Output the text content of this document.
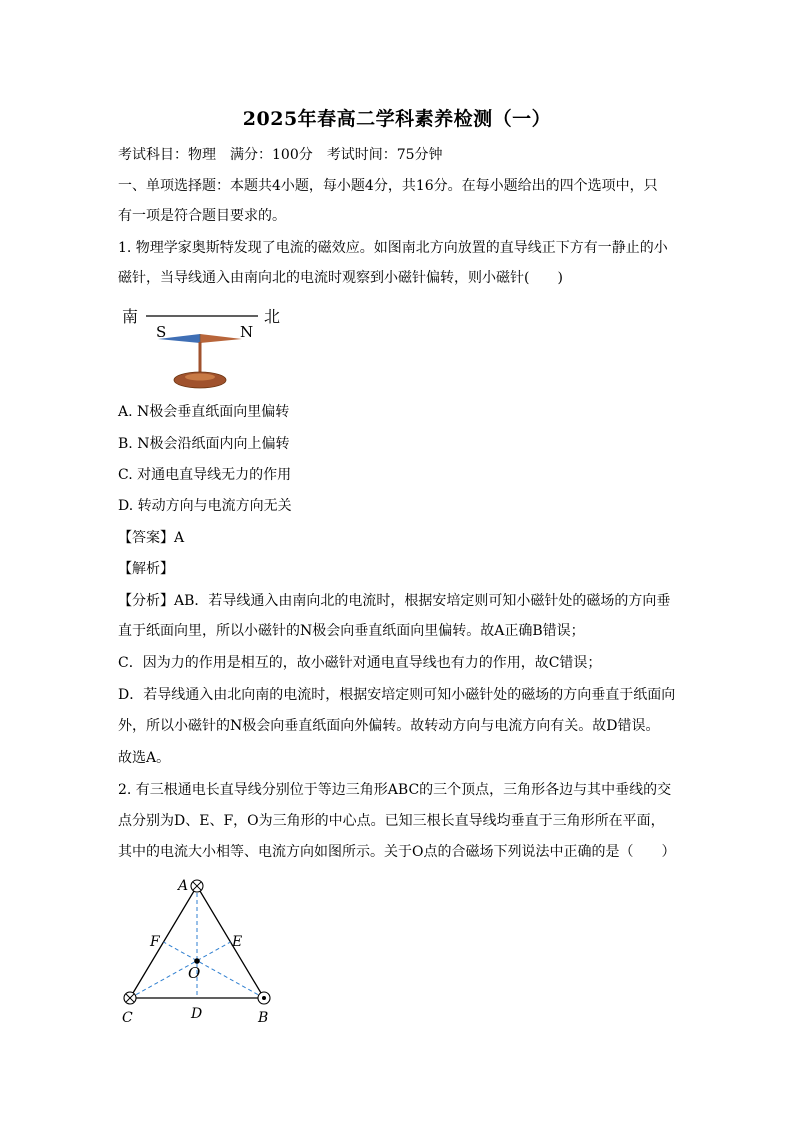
2025年春高二学科素养检测（一）
考试科目：物理　满分：100分　考试时间：75分钟
一、单项选择题：本题共4小题，每小题4分，共16分。在每小题给出的四个选项中，只
有一项是符合题目要求的。
1. 物理学家奥斯特发现了电流的磁效应。如图南北方向放置的直导线正下方有一静止的小
磁针，当导线通入由南向北的电流时观察到小磁针偏转，则小磁针(　　)
南	北
S	N
A. N极会垂直纸面向里偏转
B. N极会沿纸面内向上偏转
C. 对通电直导线无力的作用
D. 转动方向与电流方向无关
【答案】A
【解析】
【分析】AB．若导线通入由南向北的电流时，根据安培定则可知小磁针处的磁场的方向垂
直于纸面向里，所以小磁针的N极会向垂直纸面向里偏转。故A正确B错误；
C．因为力的作用是相互的，故小磁针对通电直导线也有力的作用，故C错误；
D．若导线通入由北向南的电流时，根据安培定则可知小磁针处的磁场的方向垂直于纸面向
外，所以小磁针的N极会向垂直纸面向外偏转。故转动方向与电流方向有关。故D错误。
故选A。
2. 有三根通电长直导线分别位于等边三角形ABC的三个顶点，三角形各边与其中垂线的交
点分别为D、E、F，O为三角形的中心点。已知三根长直导线均垂直于三角形所在平面，
其中的电流大小相等、电流方向如图所示。关于O点的合磁场下列说法中正确的是（　　）
A
F	E
O
C	D	B
